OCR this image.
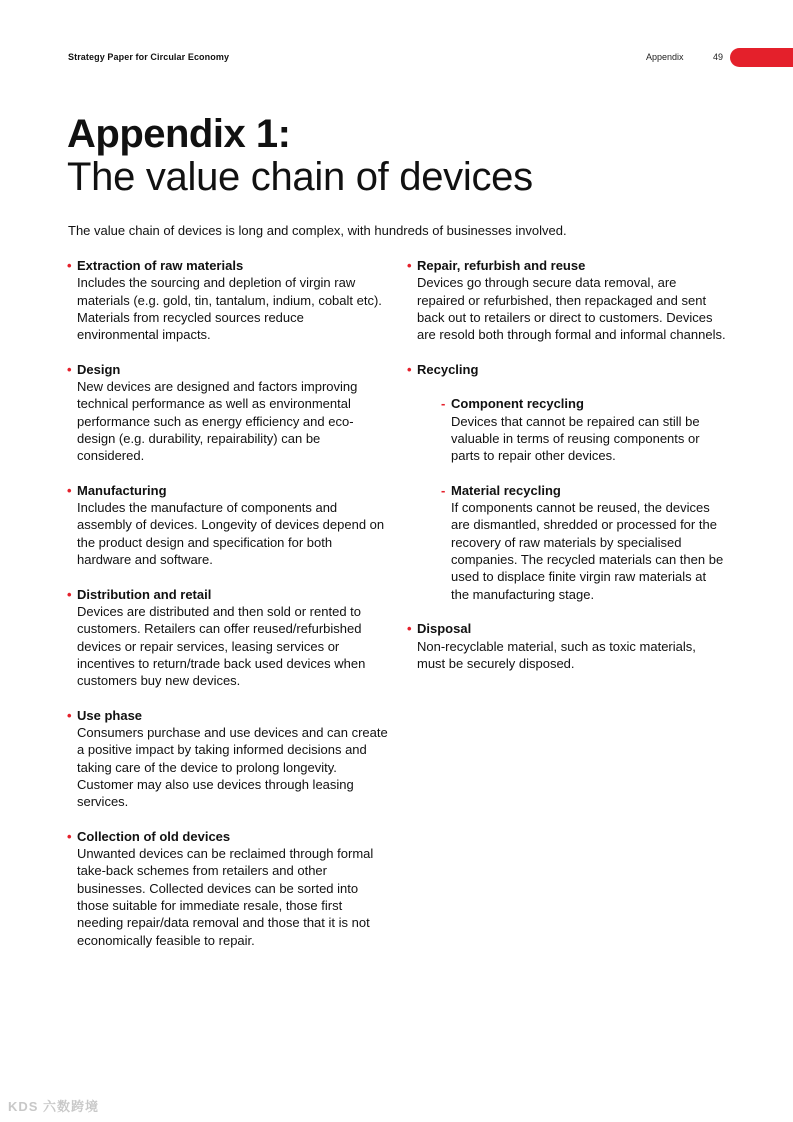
Strategy Paper for Circular Economy	Appendix	49
Appendix 1:
The value chain of devices
The value chain of devices is long and complex, with hundreds of businesses involved.
• Extraction of raw materials
Includes the sourcing and depletion of virgin raw materials (e.g. gold, tin, tantalum, indium, cobalt etc). Materials from recycled sources reduce environmental impacts.
• Design
New devices are designed and factors improving technical performance as well as environmental performance such as energy efficiency and eco-design (e.g. durability, repairability) can be considered.
• Manufacturing
Includes the manufacture of components and assembly of devices. Longevity of devices depend on the product design and specification for both hardware and software.
• Distribution and retail
Devices are distributed and then sold or rented to customers. Retailers can offer reused/refurbished devices or repair services, leasing services or incentives to return/trade back used devices when customers buy new devices.
• Use phase
Consumers purchase and use devices and can create a positive impact by taking informed decisions and taking care of the device to prolong longevity. Customer may also use devices through leasing services.
• Collection of old devices
Unwanted devices can be reclaimed through formal take-back schemes from retailers and other businesses. Collected devices can be sorted into those suitable for immediate resale, those first needing repair/data removal and those that it is not economically feasible to repair.
• Repair, refurbish and reuse
Devices go through secure data removal, are repaired or refurbished, then repackaged and sent back out to retailers or direct to customers. Devices are resold both through formal and informal channels.
• Recycling
- Component recycling
Devices that cannot be repaired can still be valuable in terms of reusing components or parts to repair other devices.
- Material recycling
If components cannot be reused, the devices are dismantled, shredded or processed for the recovery of raw materials by specialised companies. The recycled materials can then be used to displace finite virgin raw materials at the manufacturing stage.
• Disposal
Non-recyclable material, such as toxic materials, must be securely disposed.
KDS 六数跨境
